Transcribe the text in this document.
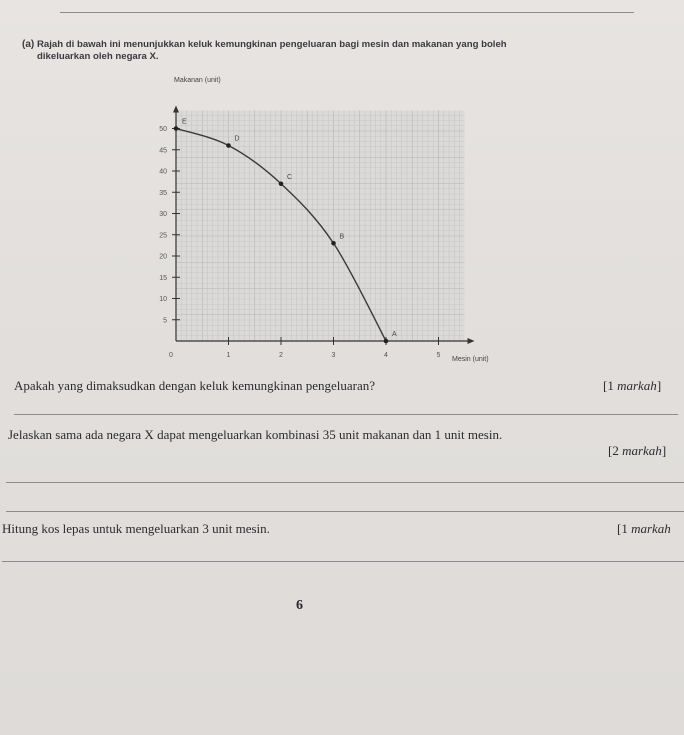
(a) Rajah di bawah ini menunjukkan keluk kemungkinan pengeluaran bagi mesin dan makanan yang boleh
dikeluarkan oleh negara X.
5
10
15
20
25
30
35
40
45
50
0	1	2	3	4	5
E
D
C
B
A
Makanan (unit)
Mesin (unit)
Apakah yang dimaksudkan dengan keluk kemungkinan pengeluaran?	[1 markah]
Jelaskan sama ada negara X dapat mengeluarkan kombinasi 35 unit makanan dan 1 unit mesin.
[2 markah]
Hitung kos lepas untuk mengeluarkan 3 unit mesin.	[1 markah
6
